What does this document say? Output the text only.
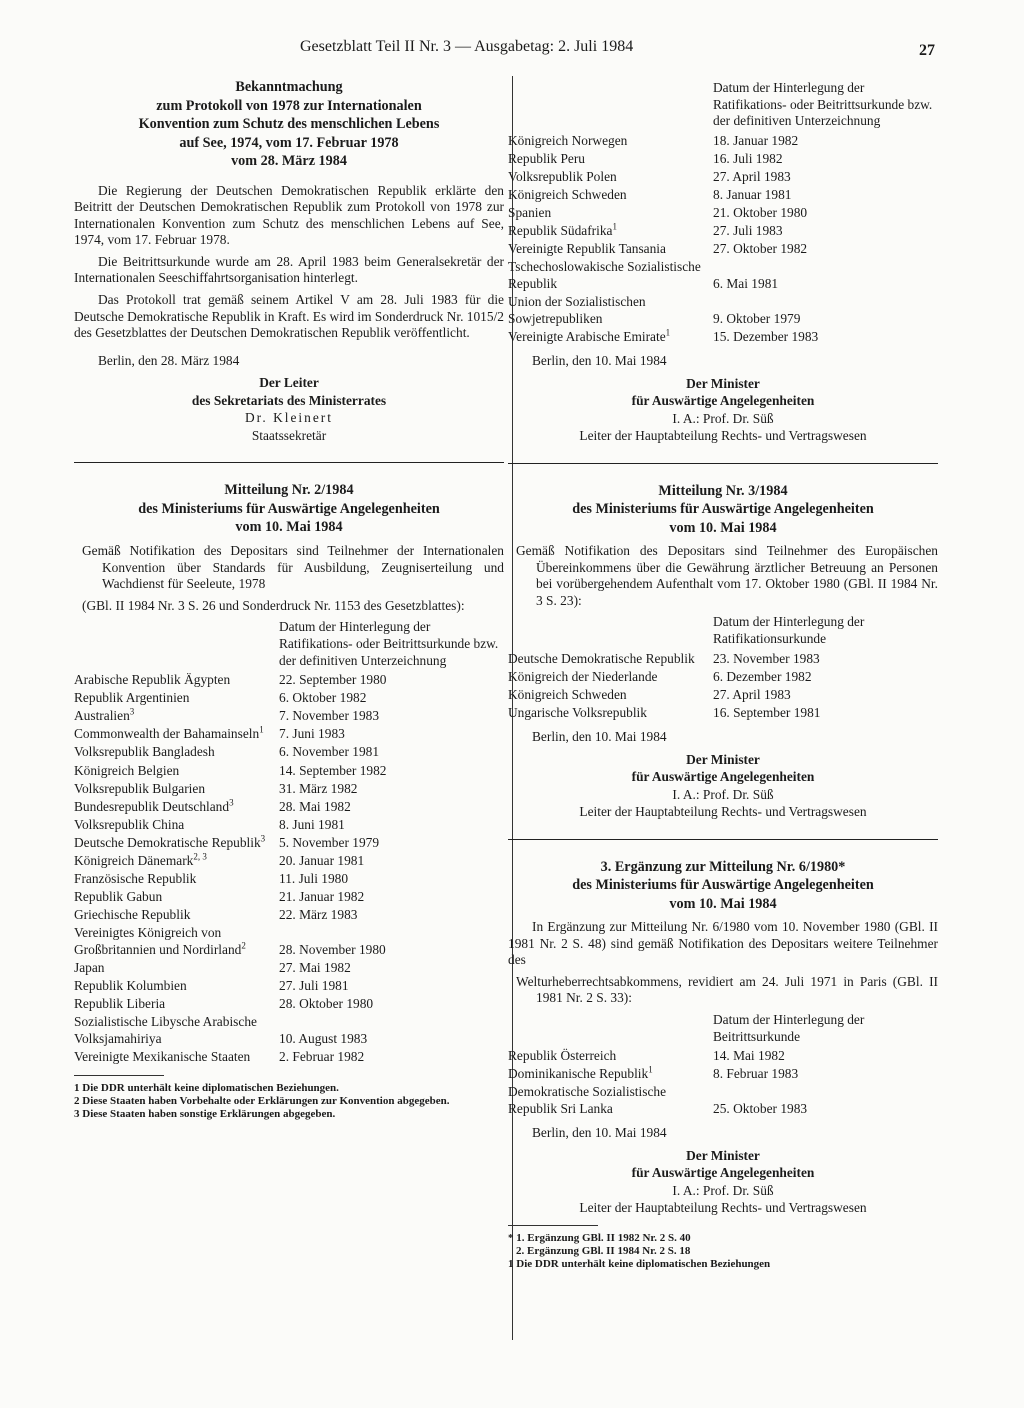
Gesetzblatt Teil II Nr. 3 — Ausgabetag: 2. Juli 1984	27
Bekanntmachung
zum Protokoll von 1978 zur Internationalen
Konvention zum Schutz des menschlichen Lebens
auf See, 1974, vom 17. Februar 1978
vom 28. März 1984

Die Regierung der Deutschen Demokratischen Republik erklärte den Beitritt der Deutschen Demokratischen Republik zum Protokoll von 1978 zur Internationalen Konvention zum Schutz des menschlichen Lebens auf See, 1974, vom 17. Februar 1978.

Die Beitrittsurkunde wurde am 28. April 1983 beim Generalsekretär der Internationalen Seeschiffahrtsorganisation hinterlegt.

Das Protokoll trat gemäß seinem Artikel V am 28. Juli 1983 für die Deutsche Demokratische Republik in Kraft. Es wird im Sonderdruck Nr. 1015/2 des Gesetzblattes der Deutschen Demokratischen Republik veröffentlicht.

Berlin, den 28. März 1984

Der Leiter
des Sekretariats des Ministerrates
Dr. Kleinert
Staatssekretär
Mitteilung Nr. 2/1984
des Ministeriums für Auswärtige Angelegenheiten
vom 10. Mai 1984

Gemäß Notifikation des Depositars sind Teilnehmer der Internationalen Konvention über Standards für Ausbildung, Zeugniserteilung und Wachdienst für Seeleute, 1978

(GBl. II 1984 Nr. 3 S. 26 und Sonderdruck Nr. 1153 des Gesetzblattes):

	Datum der Hinterlegung der Ratifikations- oder Beitrittsurkunde bzw. der definitiven Unterzeichnung
Arabische Republik Ägypten	22. September 1980
Republik Argentinien	6. Oktober 1982
Australien$^3$	7. November 1983
Commonwealth der Bahamainseln$^1$	7. Juni 1983
Volksrepublik Bangladesh	6. November 1981
Königreich Belgien	14. September 1982
Volksrepublik Bulgarien	31. März 1982
Bundesrepublik Deutschland$^3$	28. Mai 1982
Volksrepublik China	8. Juni 1981
Deutsche Demokratische Republik$^3$	5. November 1979
Königreich Dänemark$^{2, 3}$	20. Januar 1981
Französische Republik	11. Juli 1980
Republik Gabun	21. Januar 1982
Griechische Republik	22. März 1983
Vereinigtes Königreich von Großbritannien und Nordirland$^2$	28. November 1980
Japan	27. Mai 1982
Republik Kolumbien	27. Juli 1981
Republik Liberia	28. Oktober 1980
Sozialistische Libysche Arabische Volksjamahiriya	10. August 1983
Vereinigte Mexikanische Staaten	2. Februar 1982
1 Die DDR unterhält keine diplomatischen Beziehungen.
2 Diese Staaten haben Vorbehalte oder Erklärungen zur Konvention abgegeben.
3 Diese Staaten haben sonstige Erklärungen abgegeben.
	Datum der Hinterlegung der Ratifikations- oder Beitrittsurkunde bzw. der definitiven Unterzeichnung
Königreich Norwegen	18. Januar 1982
Republik Peru	16. Juli 1982
Volksrepublik Polen	27. April 1983
Königreich Schweden	8. Januar 1981
Spanien	21. Oktober 1980
Republik Südafrika$^1$	27. Juli 1983
Vereinigte Republik Tansania	27. Oktober 1982
Tschechoslowakische Sozialistische Republik	6. Mai 1981
Union der Sozialistischen Sowjetrepubliken	9. Oktober 1979
Vereinigte Arabische Emirate$^1$	15. Dezember 1983

Berlin, den 10. Mai 1984

Der Minister
für Auswärtige Angelegenheiten
I. A.: Prof. Dr. Süß
Leiter der Hauptabteilung Rechts- und Vertragswesen
Mitteilung Nr. 3/1984
des Ministeriums für Auswärtige Angelegenheiten
vom 10. Mai 1984

Gemäß Notifikation des Depositars sind Teilnehmer des Europäischen Übereinkommens über die Gewährung ärztlicher Betreuung an Personen bei vorübergehendem Aufenthalt vom 17. Oktober 1980 (GBl. II 1984 Nr. 3 S. 23):

	Datum der Hinterlegung der Ratifikationsurkunde
Deutsche Demokratische Republik	23. November 1983
Königreich der Niederlande	6. Dezember 1982
Königreich Schweden	27. April 1983
Ungarische Volksrepublik	16. September 1981

Berlin, den 10. Mai 1984

Der Minister
für Auswärtige Angelegenheiten
I. A.: Prof. Dr. Süß
Leiter der Hauptabteilung Rechts- und Vertragswesen
3. Ergänzung zur Mitteilung Nr. 6/1980*
des Ministeriums für Auswärtige Angelegenheiten
vom 10. Mai 1984

In Ergänzung zur Mitteilung Nr. 6/1980 vom 10. November 1980 (GBl. II 1981 Nr. 2 S. 48) sind gemäß Notifikation des Depositars weitere Teilnehmer des

Welturheberrechtsabkommens, revidiert am 24. Juli 1971 in Paris (GBl. II 1981 Nr. 2 S. 33):

	Datum der Hinterlegung der Beitrittsurkunde
Republik Österreich	14. Mai 1982
Dominikanische Republik$^1$	8. Februar 1983
Demokratische Sozialistische Republik Sri Lanka	25. Oktober 1983

Berlin, den 10. Mai 1984

Der Minister
für Auswärtige Angelegenheiten
I. A.: Prof. Dr. Süß
Leiter der Hauptabteilung Rechts- und Vertragswesen
* 1. Ergänzung GBl. II 1982 Nr. 2 S. 40
2. Ergänzung GBl. II 1984 Nr. 2 S. 18
1 Die DDR unterhält keine diplomatischen Beziehungen
